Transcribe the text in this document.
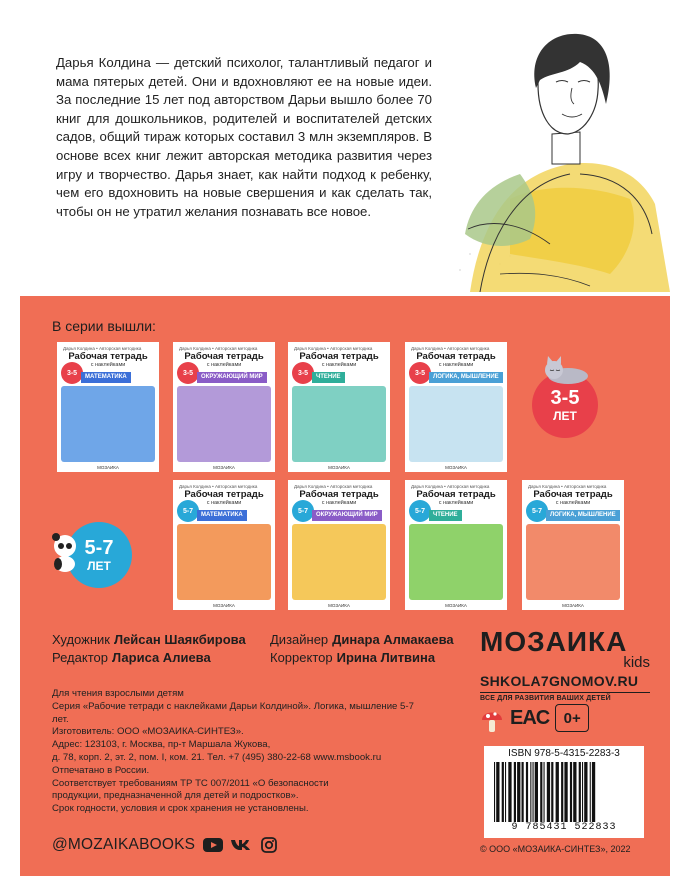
Дарья Колдина — детский психолог, талантливый педагог и мама пятерых детей. Они и вдохновляют ее на новые идеи. За последние 15 лет под авторством Дарьи вышло более 70 книг для дошкольников, родителей и воспитателей детских садов, общий тираж которых составил 3 млн экземпляров. В основе всех книг лежит авторская методика развития через игру и творчество. Дарья знает, как найти подход к ребенку, чем его вдохновить на новые свершения и как сделать так, чтобы он не утратил желания познавать все новое.

В серии вышли:
Дарья Колдина • Авторская методика
Рабочая тетрадь
с наклейками
3-5
МАТЕМАТИКА
МОЗАИКА
Дарья Колдина • Авторская методика
Рабочая тетрадь
с наклейками
3-5
ОКРУЖАЮЩИЙ МИР
МОЗАИКА
Дарья Колдина • Авторская методика
Рабочая тетрадь
с наклейками
3-5
ЧТЕНИЕ
МОЗАИКА
Дарья Колдина • Авторская методика
Рабочая тетрадь
с наклейками
3-5
ЛОГИКА, МЫШЛЕНИЕ
МОЗАИКА
Дарья Колдина • Авторская методика
Рабочая тетрадь
с наклейками
5-7
МАТЕМАТИКА
МОЗАИКА
Дарья Колдина • Авторская методика
Рабочая тетрадь
с наклейками
5-7
ОКРУЖАЮЩИЙ МИР
МОЗАИКА
Дарья Колдина • Авторская методика
Рабочая тетрадь
с наклейками
5-7
ЧТЕНИЕ
МОЗАИКА
Дарья Колдина • Авторская методика
Рабочая тетрадь
с наклейками
5-7
ЛОГИКА, МЫШЛЕНИЕ
МОЗАИКА
3-5
ЛЕТ
5-7
ЛЕТ
Художник Лейсан Шаякбирова
Редактор Лариса Алиева
Дизайнер Динара Алмакаева
Корректор Ирина Литвина
Для чтения взрослыми детям
Серия «Рабочие тетради с наклейками Дарьи Колдиной». Логика, мышление 5-7 лет.
Изготовитель: ООО «МОЗАИКА-СИНТЕЗ».
Адрес: 123103, г. Москва, пр-т Маршала Жукова,
д. 78, корп. 2, эт. 2, пом. I, ком. 21. Тел. +7 (495) 380-22-68 www.msbook.ru
Отпечатано в России.
Соответствует требованиям ТР ТС 007/2011 «О безопасности
продукции, предназначенной для детей и подростков».
Срок годности, условия и срок хранения не установлены.
МОЗАИКА
kids
SHKOLA7GNOMOV.RU
ВСЕ ДЛЯ РАЗВИТИЯ ВАШИХ ДЕТЕЙ
EAC 0+
ISBN 978-5-4315-2283-3
9 785431 522833
@MOZAIKABOOKS	© ООО «МОЗАИКА-СИНТЕЗ», 2022
